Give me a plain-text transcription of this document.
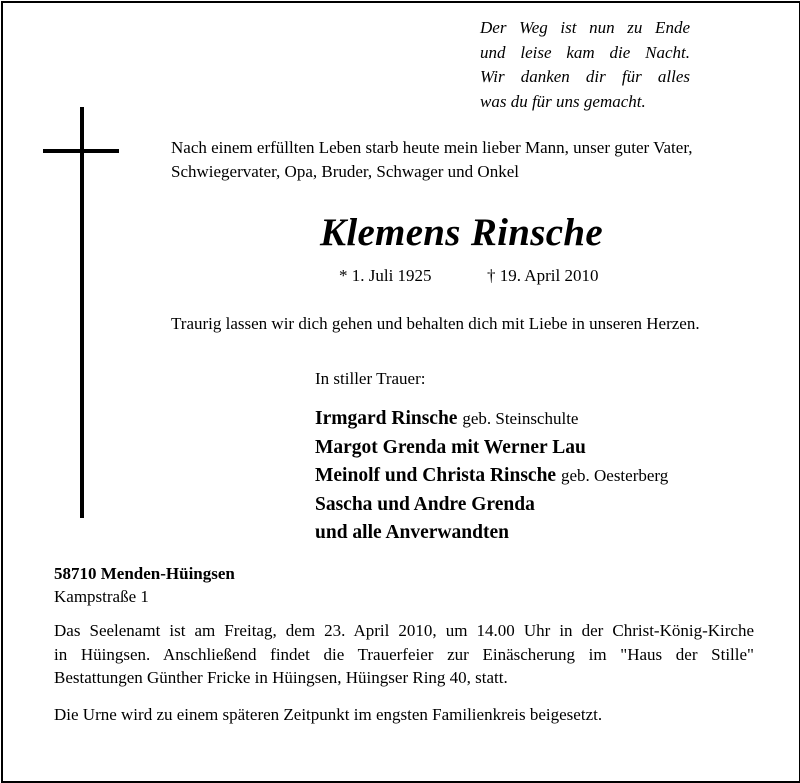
Der Weg ist nun zu Ende
und leise kam die Nacht.
Wir danken dir für alles
was du für uns gemacht.
Nach einem erfüllten Leben starb heute mein lieber Mann, unser guter Vater,
Schwiegervater, Opa, Bruder, Schwager und Onkel
Klemens Rinsche
* 1. Juli 1925	† 19. April 2010
Traurig lassen wir dich gehen und behalten dich mit Liebe in unseren Herzen.
In stiller Trauer:
Irmgard Rinsche geb. Steinschulte
Margot Grenda mit Werner Lau
Meinolf und Christa Rinsche geb. Oesterberg
Sascha und Andre Grenda
und alle Anverwandten
58710 Menden-Hüingsen
Kampstraße 1
Das Seelenamt ist am Freitag, dem 23. April 2010, um 14.00 Uhr in der Christ-König-Kirche
in Hüingsen. Anschließend findet die Trauerfeier zur Einäscherung im "Haus der Stille"
Bestattungen Günther Fricke in Hüingsen, Hüingser Ring 40, statt.
Die Urne wird zu einem späteren Zeitpunkt im engsten Familienkreis beigesetzt.
